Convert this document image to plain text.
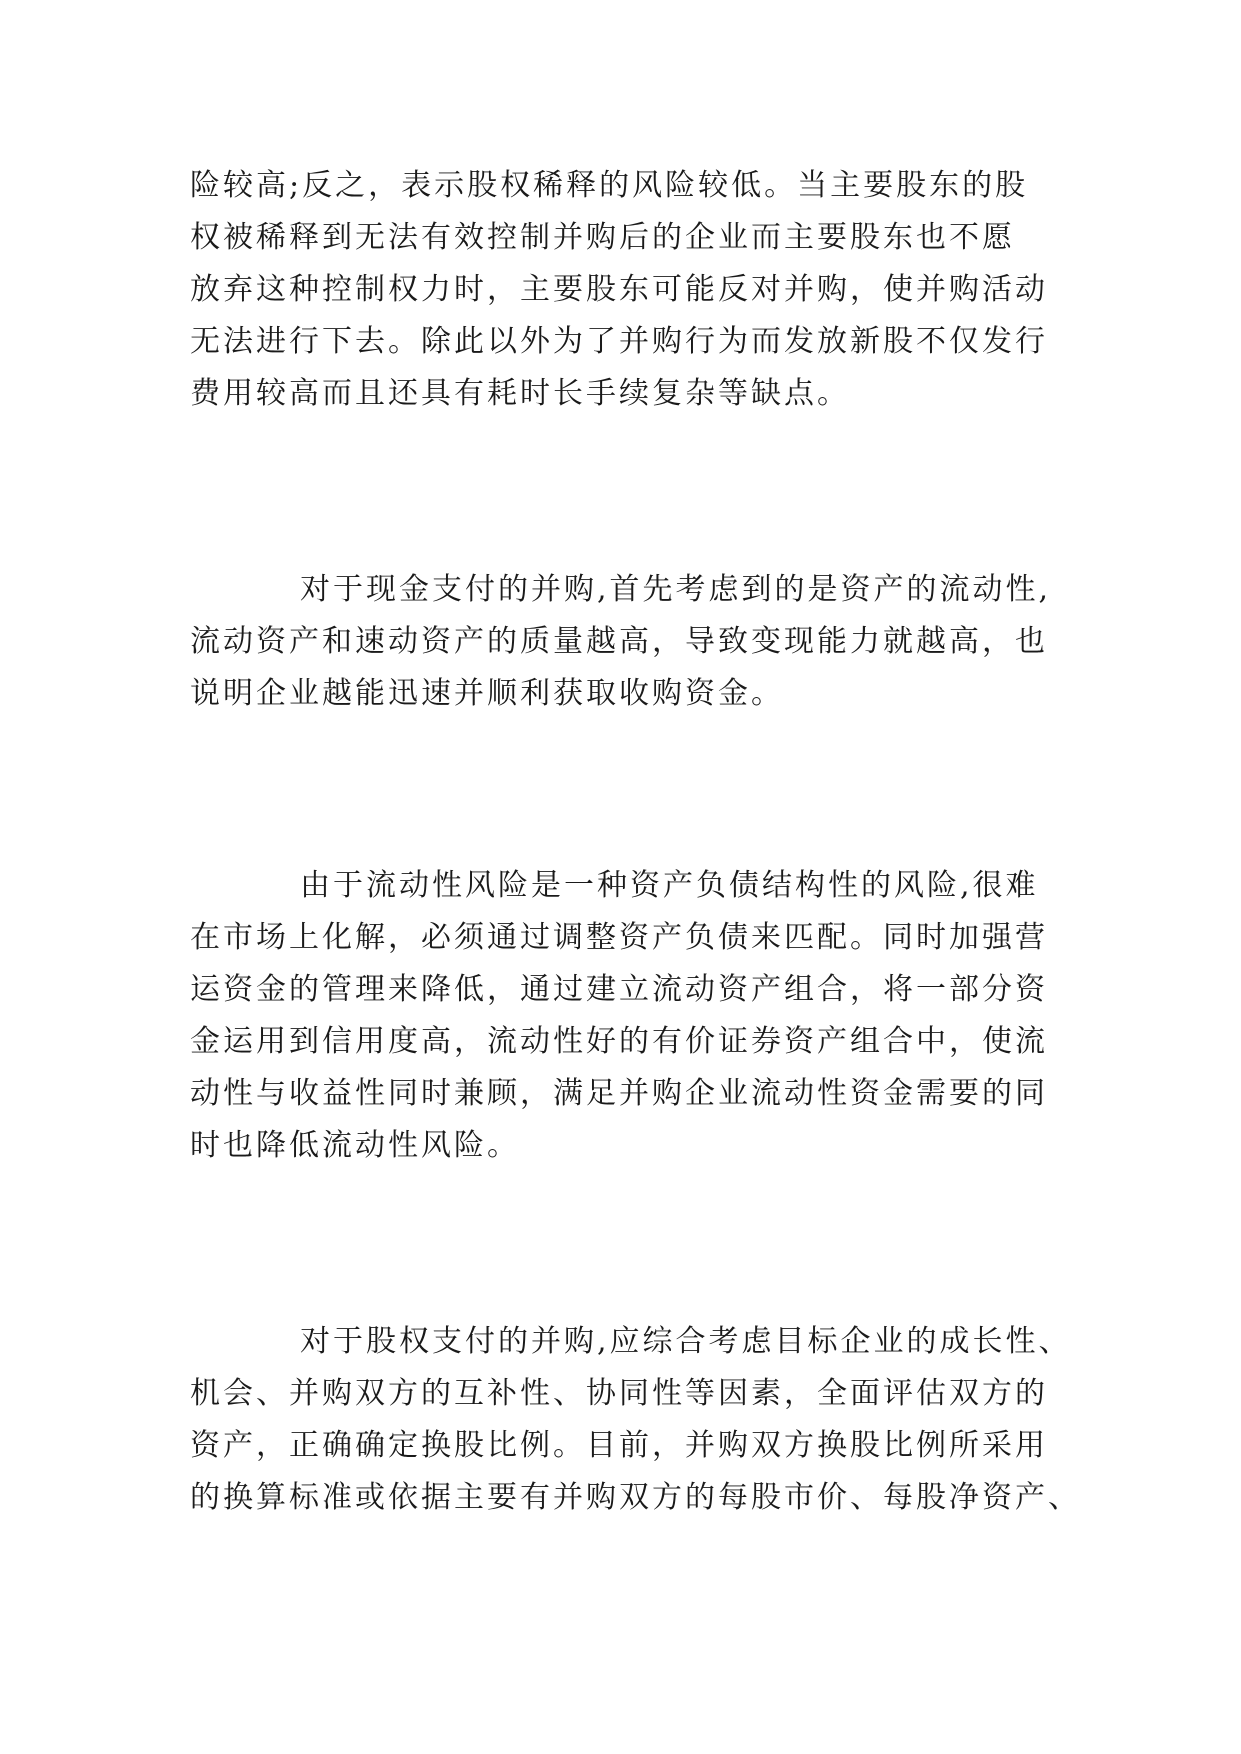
险较高;反之，表示股权稀释的风险较低。当主要股东的股
权被稀释到无法有效控制并购后的企业而主要股东也不愿
放弃这种控制权力时，主要股东可能反对并购，使并购活动
无法进行下去。除此以外为了并购行为而发放新股不仅发行
费用较高而且还具有耗时长手续复杂等缺点。
对于现金支付的并购,首先考虑到的是资产的流动性,
流动资产和速动资产的质量越高，导致变现能力就越高，也
说明企业越能迅速并顺利获取收购资金。
由于流动性风险是一种资产负债结构性的风险,很难
在市场上化解，必须通过调整资产负债来匹配。同时加强营
运资金的管理来降低，通过建立流动资产组合，将一部分资
金运用到信用度高，流动性好的有价证券资产组合中，使流
动性与收益性同时兼顾，满足并购企业流动性资金需要的同
时也降低流动性风险。
对于股权支付的并购,应综合考虑目标企业的成长性、
机会、并购双方的互补性、协同性等因素，全面评估双方的
资产，正确确定换股比例。目前，并购双方换股比例所采用
的换算标准或依据主要有并购双方的每股市价、每股净资产、
